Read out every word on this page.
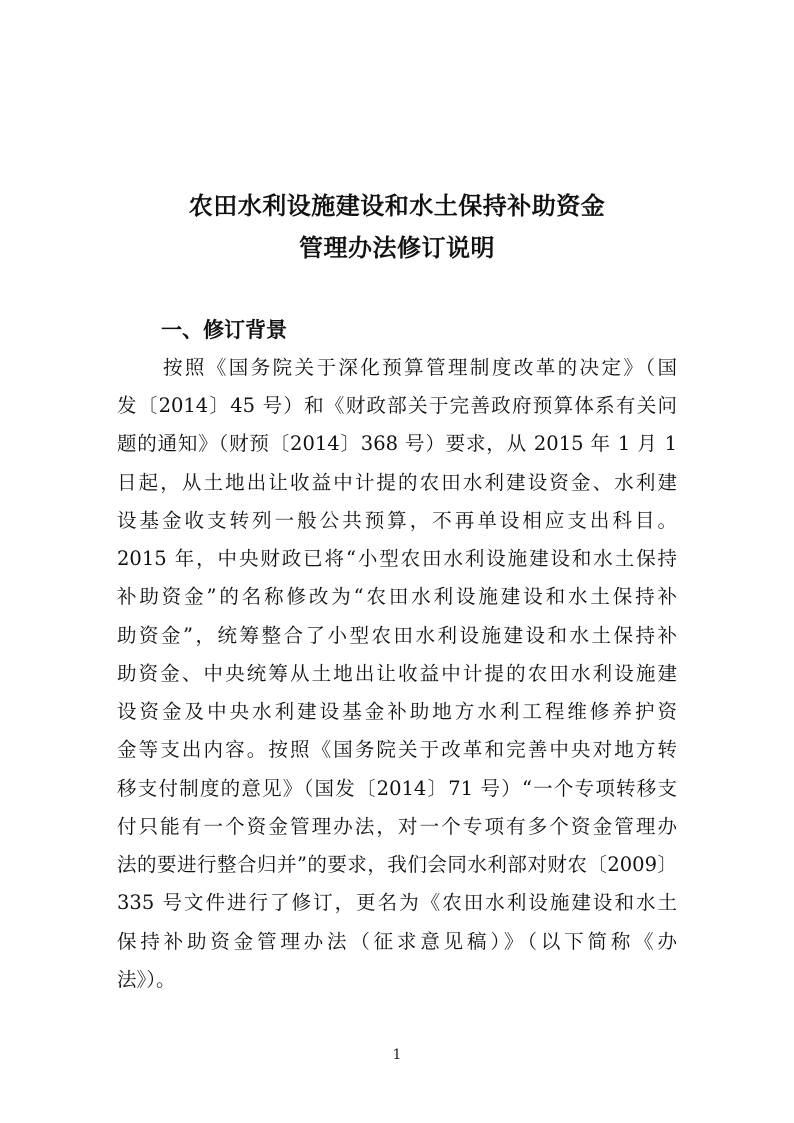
农田水利设施建设和水土保持补助资金
管理办法修订说明
一、修订背景
按照《国务院关于深化预算管理制度改革的决定》（国
发〔2014〕45 号）和《财政部关于完善政府预算体系有关问
题的通知》（财预〔2014〕368 号）要求，从 2015 年 1 月 1
日起，从土地出让收益中计提的农田水利建设资金、水利建
设基金收支转列一般公共预算，不再单设相应支出科目。
2015 年，中央财政已将“小型农田水利设施建设和水土保持
补助资金”的名称修改为“农田水利设施建设和水土保持补
助资金”，统筹整合了小型农田水利设施建设和水土保持补
助资金、中央统筹从土地出让收益中计提的农田水利设施建
设资金及中央水利建设基金补助地方水利工程维修养护资
金等支出内容。按照《国务院关于改革和完善中央对地方转
移支付制度的意见》（国发〔2014〕71 号）“一个专项转移支
付只能有一个资金管理办法，对一个专项有多个资金管理办
法的要进行整合归并”的要求，我们会同水利部对财农〔2009〕
335 号文件进行了修订，更名为《农田水利设施建设和水土
保持补助资金管理办法（征求意见稿）》（以下简称《办
法》）。
1
